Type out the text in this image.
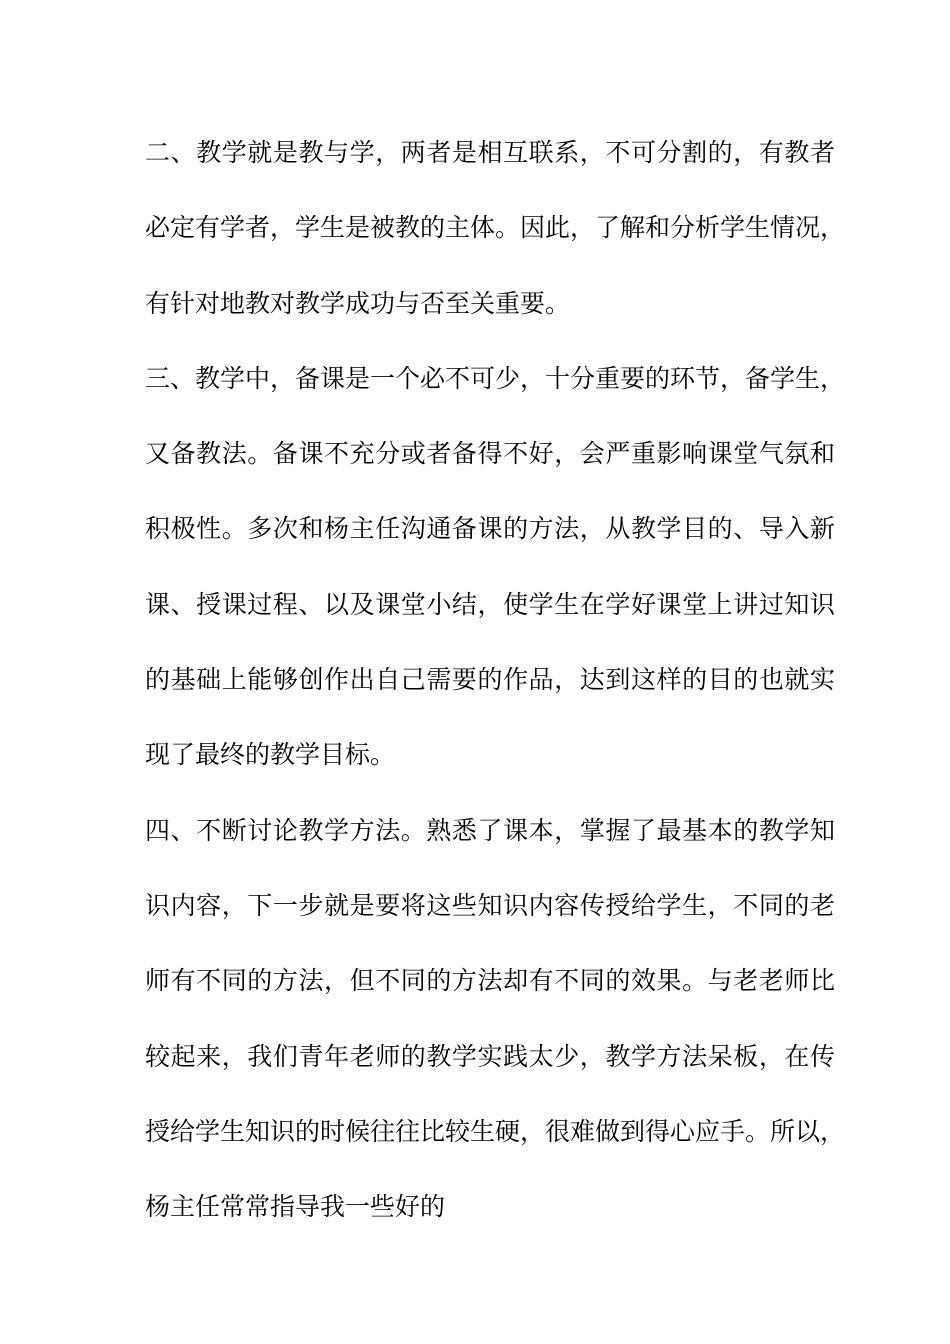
二、教学就是教与学，两者是相互联系，不可分割的，有教者
必定有学者，学生是被教的主体。因此，了解和分析学生情况，
有针对地教对教学成功与否至关重要。
三、教学中，备课是一个必不可少，十分重要的环节，备学生，
又备教法。备课不充分或者备得不好，会严重影响课堂气氛和
积极性。多次和杨主任沟通备课的方法，从教学目的、导入新
课、授课过程、以及课堂小结，使学生在学好课堂上讲过知识
的基础上能够创作出自己需要的作品，达到这样的目的也就实
现了最终的教学目标。
四、不断讨论教学方法。熟悉了课本，掌握了最基本的教学知
识内容，下一步就是要将这些知识内容传授给学生，不同的老
师有不同的方法，但不同的方法却有不同的效果。与老老师比
较起来，我们青年老师的教学实践太少，教学方法呆板，在传
授给学生知识的时候往往比较生硬，很难做到得心应手。所以，
杨主任常常指导我一些好的
